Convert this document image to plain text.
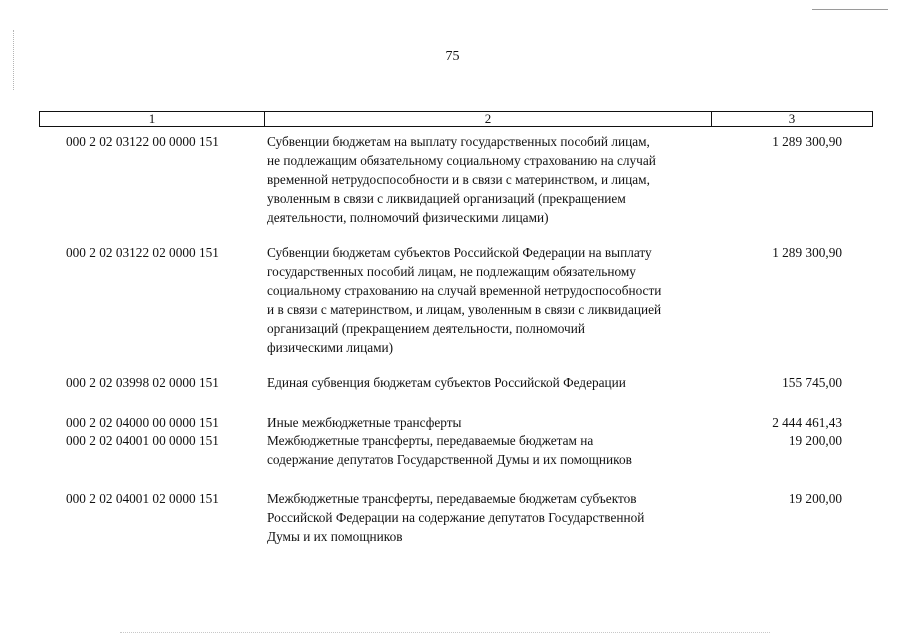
75
1	2	3
000 2 02 03122 00 0000 151	Субвенции бюджетам на выплату государственных пособий лицам,
не подлежащим обязательному социальному страхованию на случай
временной нетрудоспособности и в связи с материнством, и лицам,
уволенным в связи с ликвидацией организаций (прекращением
деятельности, полномочий физическими лицами)
1 289 300,90
000 2 02 03122 02 0000 151	Субвенции бюджетам субъектов Российской Федерации на выплату
государственных пособий лицам, не подлежащим обязательному
социальному страхованию на случай временной нетрудоспособности
и в связи с материнством, и лицам, уволенным в связи с ликвидацией
организаций (прекращением деятельности, полномочий
физическими лицами)
1 289 300,90
000 2 02 03998 02 0000 151	Единая субвенция бюджетам субъектов Российской Федерации	155 745,00
000 2 02 04000 00 0000 151	Иные межбюджетные трансферты	2 444 461,43
000 2 02 04001 00 0000 151	Межбюджетные трансферты, передаваемые бюджетам на
содержание депутатов Государственной Думы и их помощников
19 200,00
000 2 02 04001 02 0000 151	Межбюджетные трансферты, передаваемые бюджетам субъектов
Российской Федерации на содержание депутатов Государственной
Думы и их помощников
19 200,00
